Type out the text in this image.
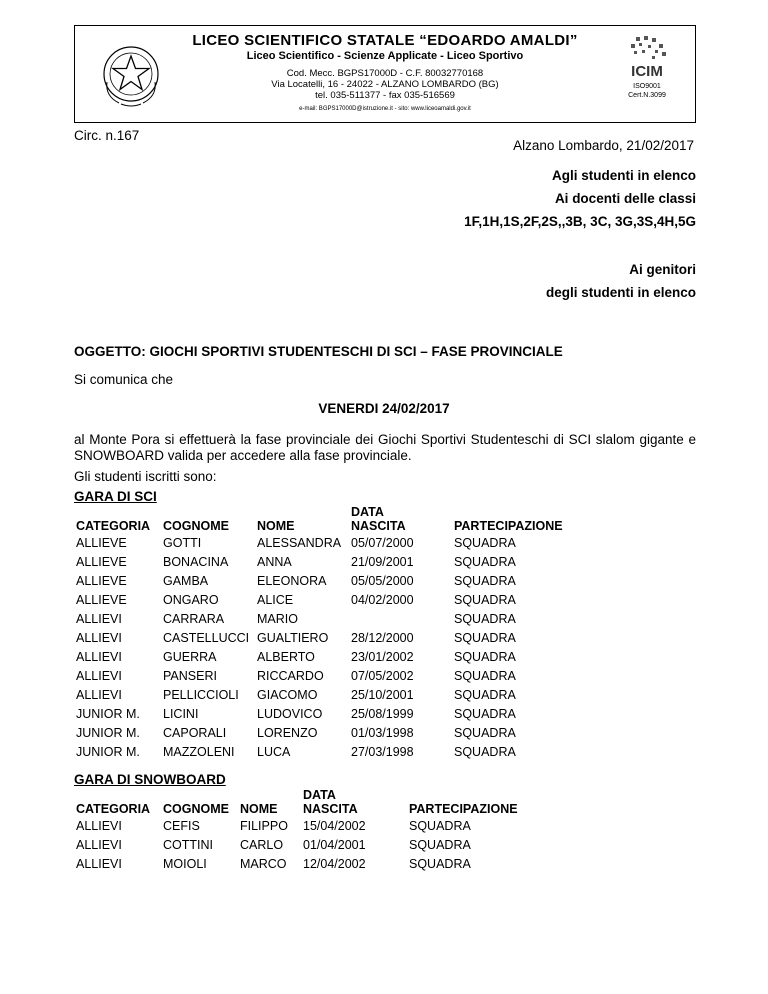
LICEO SCIENTIFICO STATALE “EDOARDO AMALDI”
Liceo Scientifico - Scienze Applicate - Liceo Sportivo
Cod. Mecc. BGPS17000D - C.F. 80032770168
Via Locatelli, 16 - 24022 - ALZANO LOMBARDO (BG)
tel. 035-511377 - fax 035-516569
e-mail: BGPS17000D@istruzione.it - sito: www.liceoamaldi.gov.it
ICIM
ISO9001
Cert.N.3099
Circ. n.167
Alzano Lombardo, 21/02/2017
Agli studenti in elenco
Ai docenti delle classi
1F,1H,1S,2F,2S,,3B, 3C, 3G,3S,4H,5G
Ai genitori
degli studenti in elenco
OGGETTO: GIOCHI SPORTIVI STUDENTESCHI DI SCI – FASE PROVINCIALE
Si comunica che
VENERDI 24/02/2017
al Monte Pora si effettuerà la fase provinciale dei Giochi Sportivi Studenteschi di SCI slalom gigante e SNOWBOARD valida per accedere alla fase provinciale.
Gli studenti iscritti sono:
GARA DI SCI
CATEGORIA	COGNOME	NOME	DATA NASCITA	PARTECIPAZIONE
ALLIEVE	GOTTI	ALESSANDRA	05/07/2000	SQUADRA
ALLIEVE	BONACINA	ANNA	21/09/2001	SQUADRA
ALLIEVE	GAMBA	ELEONORA	05/05/2000	SQUADRA
ALLIEVE	ONGARO	ALICE	04/02/2000	SQUADRA
ALLIEVI	CARRARA	MARIO		SQUADRA
ALLIEVI	CASTELLUCCI	GUALTIERO	28/12/2000	SQUADRA
ALLIEVI	GUERRA	ALBERTO	23/01/2002	SQUADRA
ALLIEVI	PANSERI	RICCARDO	07/05/2002	SQUADRA
ALLIEVI	PELLICCIOLI	GIACOMO	25/10/2001	SQUADRA
JUNIOR M.	LICINI	LUDOVICO	25/08/1999	SQUADRA
JUNIOR M.	CAPORALI	LORENZO	01/03/1998	SQUADRA
JUNIOR M.	MAZZOLENI	LUCA	27/03/1998	SQUADRA
GARA DI SNOWBOARD
CATEGORIA	COGNOME	NOME	DATA NASCITA	PARTECIPAZIONE
ALLIEVI	CEFIS	FILIPPO	15/04/2002	SQUADRA
ALLIEVI	COTTINI	CARLO	01/04/2001	SQUADRA
ALLIEVI	MOIOLI	MARCO	12/04/2002	SQUADRA
